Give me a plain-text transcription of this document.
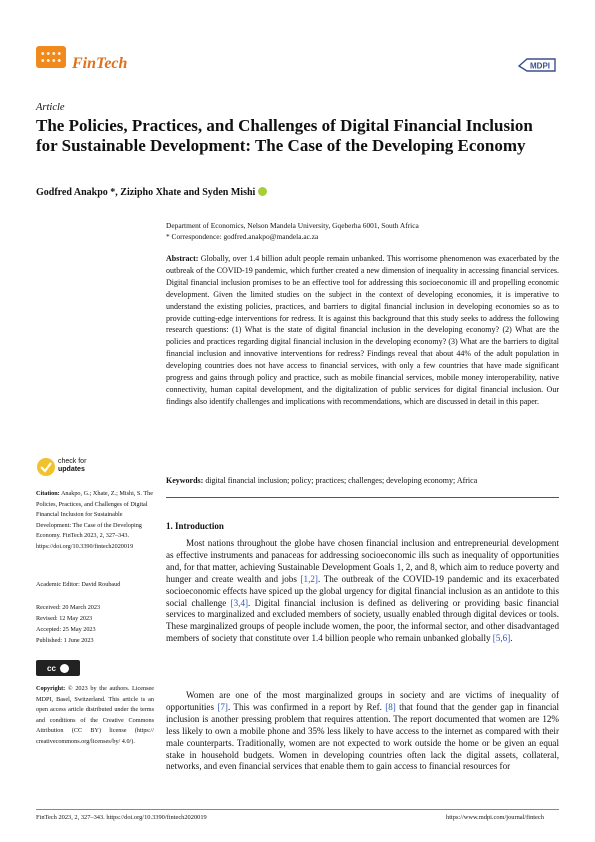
FinTech	MDPI
Article
The Policies, Practices, and Challenges of Digital Financial Inclusion for Sustainable Development: The Case of the Developing Economy
Godfred Anakpo *, Zizipho Xhate and Syden Mishi
Department of Economics, Nelson Mandela University, Gqeberha 6001, South Africa
* Correspondence: godfred.anakpo@mandela.ac.za
Abstract: Globally, over 1.4 billion adult people remain unbanked. This worrisome phenomenon was exacerbated by the outbreak of the COVID-19 pandemic, which further created a new dimension of inequality in accessing financial services. Digital financial inclusion promises to be an effective tool for addressing this socioeconomic ill and propelling economic development. Given the limited studies on the subject in the context of developing economies, it is imperative to understand the existing policies, practices, and barriers to digital financial inclusion in developing economies so as to provide cutting-edge interventions for redress. It is against this background that this study seeks to address the following research questions: (1) What is the state of digital financial inclusion in the developing economy? (2) What are the policies and practices regarding digital financial inclusion in the developing economy? (3) What are the barriers to digital financial inclusion and innovative interventions for redress? Findings reveal that about 44% of the adult population in developing countries does not have access to financial services, with only a few countries that have made significant progress and gains through policy and practice, such as mobile financial services, mobile money interoperability, native connectivity, human capital development, and the digitalization of public services for digital financial inclusion. Our findings also identify challenges and implications with recommendations, which are discussed in detail in this paper.
Keywords: digital financial inclusion; policy; practices; challenges; developing economy; Africa
check for
updates
Citation: Anakpo, G.; Xhate, Z.; Mishi, S. The Policies, Practices, and Challenges of Digital Financial Inclusion for Sustainable Development: The Case of the Developing Economy. FinTech 2023, 2, 327–343. https://doi.org/10.3390/fintech2020019
Academic Editor: David Roubaud
Received: 20 March 2023
Revised: 12 May 2023
Accepted: 25 May 2023
Published: 1 June 2023
cc
Copyright: © 2023 by the authors. Licensee MDPI, Basel, Switzerland. This article is an open access article distributed under the terms and conditions of the Creative Commons Attribution (CC BY) license (https:// creativecommons.org/licenses/by/ 4.0/).
1. Introduction
Most nations throughout the globe have chosen financial inclusion and entrepreneurial development as effective instruments and panaceas for addressing socioeconomic ills such as inequality of opportunities and, for that matter, achieving Sustainable Development Goals 1, 2, and 8, which aim to reduce poverty and hunger and create wealth and jobs [1,2]. The outbreak of the COVID-19 pandemic and its exacerbated socioeconomic effects have spiced up the global urgency for digital financial inclusion as an antidote to this social challenge [3,4]. Digital financial inclusion is defined as delivering or providing basic financial services to marginalized and excluded members of society, usually enabled through digital devices or tools. These marginalized groups of people include women, the poor, the informal sector, and other disadvantaged members of society that constitute over 1.4 billion people who remain unbanked globally [5,6].
Women are one of the most marginalized groups in society and are victims of inequality of opportunities [7]. This was confirmed in a report by Ref. [8] that found that the gender gap in financial inclusion is another pressing problem that requires attention. The report documented that women are 12% less likely to own a mobile phone and 35% less likely to have access to the internet as compared with their male counterparts. Traditionally, women are not expected to work outside the home or be given an equal stake in household budgets. Women in developing countries often lack the digital assets, collateral, networks, and even financial services that enable them to gain access to financial resources for
FinTech 2023, 2, 327–343. https://doi.org/10.3390/fintech2020019	https://www.mdpi.com/journal/fintech
